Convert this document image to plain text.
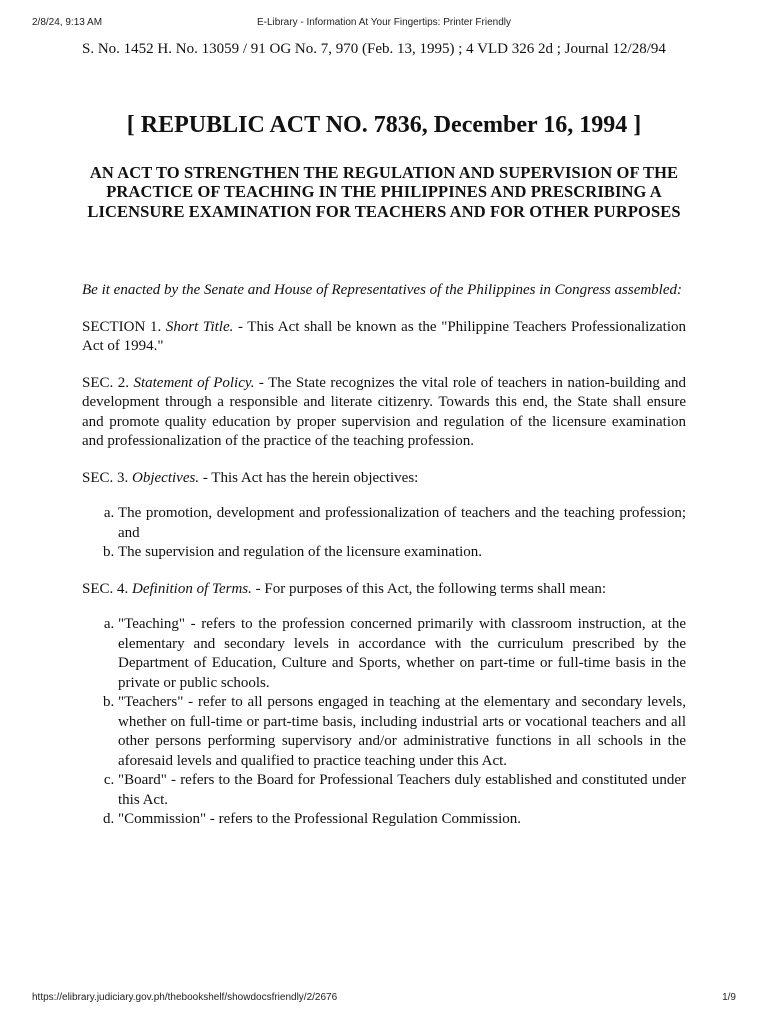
2/8/24, 9:13 AM	E-Library - Information At Your Fingertips: Printer Friendly

S. No. 1452 H. No. 13059 / 91 OG No. 7, 970 (Feb. 13, 1995) ; 4 VLD 326 2d ; Journal 12/28/94

[ REPUBLIC ACT NO. 7836, December 16, 1994 ]
AN ACT TO STRENGTHEN THE REGULATION AND SUPERVISION OF THE PRACTICE OF TEACHING IN THE PHILIPPINES AND PRESCRIBING A LICENSURE EXAMINATION FOR TEACHERS AND FOR OTHER PURPOSES

Be it enacted by the Senate and House of Representatives of the Philippines in Congress assembled:

SECTION 1. Short Title. - This Act shall be known as the "Philippine Teachers Professionalization Act of 1994."

SEC. 2. Statement of Policy. - The State recognizes the vital role of teachers in nation-building and development through a responsible and literate citizenry. Towards this end, the State shall ensure and promote quality education by proper supervision and regulation of the licensure examination and professionalization of the practice of the teaching profession.

SEC. 3. Objectives. - This Act has the herein objectives:

a. The promotion, development and professionalization of teachers and the teaching profession; and
b. The supervision and regulation of the licensure examination.

SEC. 4. Definition of Terms. - For purposes of this Act, the following terms shall mean:

a. "Teaching" - refers to the profession concerned primarily with classroom instruction, at the elementary and secondary levels in accordance with the curriculum prescribed by the Department of Education, Culture and Sports, whether on part-time or full-time basis in the private or public schools.
b. "Teachers" - refer to all persons engaged in teaching at the elementary and secondary levels, whether on full-time or part-time basis, including industrial arts or vocational teachers and all other persons performing supervisory and/or administrative functions in all schools in the aforesaid levels and qualified to practice teaching under this Act.
c. "Board" - refers to the Board for Professional Teachers duly established and constituted under this Act.
d. "Commission" - refers to the Professional Regulation Commission.
https://elibrary.judiciary.gov.ph/thebookshelf/showdocsfriendly/2/2676	1/9
